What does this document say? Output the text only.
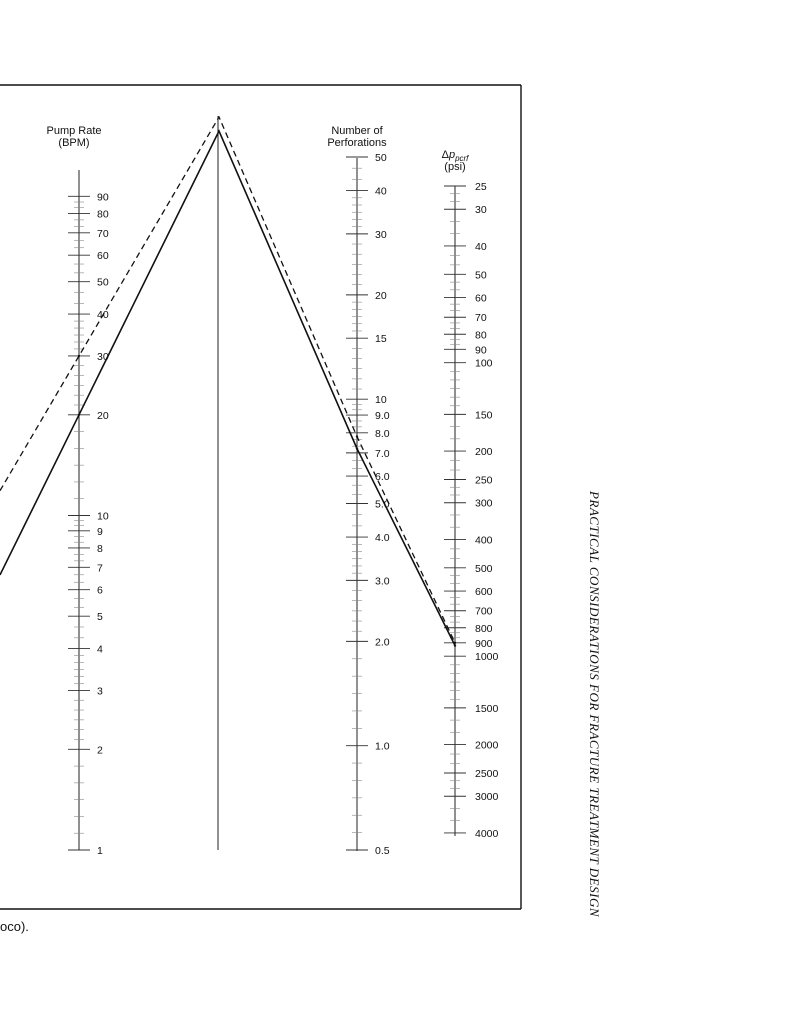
Pump Rate
(BPM)
90
80
70
60
50
40
30
20
10
9
8
7
6
5
4
3
2
1
Number of
Perforations
50
40
30
20
15
10
9.0
8.0
7.0
6.0
5.0
4.0
3.0
2.0
1.0
0.5
$\Delta p_{pcrf}$
(psi)
25
30
40
50
60
70
80
90
100
150
200
250
300
400
500
600
700
800
900
1000
1500
2000
2500
3000
4000	PRACTICAL CONSIDERATIONS FOR FRACTURE TREATMENT DESIGN
oco).
